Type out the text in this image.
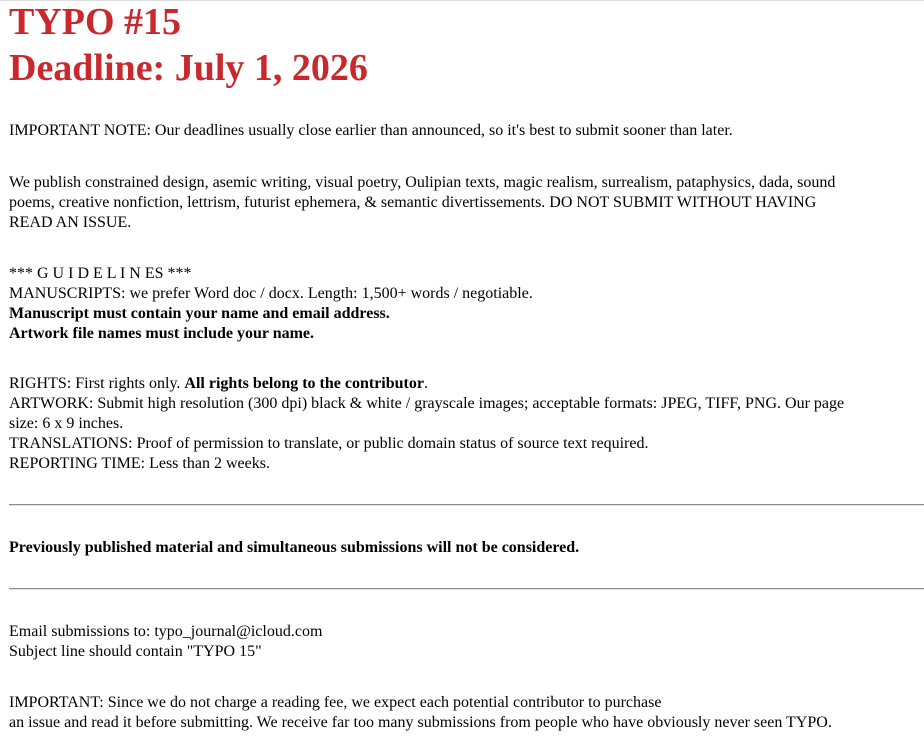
TYPO #15
Deadline: July 1, 2026
IMPORTANT NOTE: Our deadlines usually close earlier than announced, so it's best to submit sooner than later.
We publish constrained design, asemic writing, visual poetry, Oulipian texts, magic realism, surrealism, pataphysics, dada, sound
poems, creative nonfiction, lettrism, futurist ephemera, & semantic divertissements. DO NOT SUBMIT WITHOUT HAVING
READ AN ISSUE.
*** G U I D E L I N ES ***
MANUSCRIPTS: we prefer Word doc / docx. Length: 1,500+ words / negotiable.
Manuscript must contain your name and email address.
Artwork file names must include your name.
RIGHTS: First rights only. All rights belong to the contributor.
ARTWORK: Submit high resolution (300 dpi) black & white / grayscale images; acceptable formats: JPEG, TIFF, PNG. Our page
size: 6 x 9 inches.
TRANSLATIONS: Proof of permission to translate, or public domain status of source text required.
REPORTING TIME: Less than 2 weeks.
Previously published material and simultaneous submissions will not be considered.
Email submissions to: typo_journal@icloud.com
Subject line should contain "TYPO 15"
IMPORTANT: Since we do not charge a reading fee, we expect each potential contributor to purchase
an issue and read it before submitting. We receive far too many submissions from people who have obviously never seen TYPO.
